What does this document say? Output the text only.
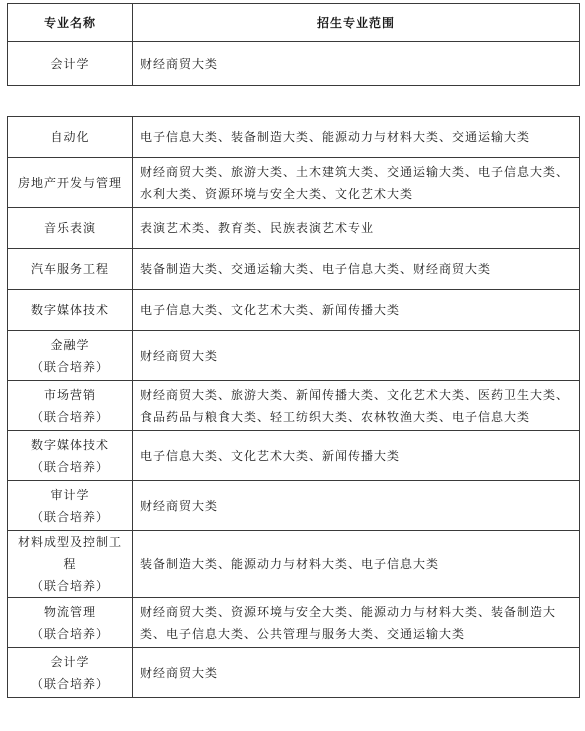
专业名称	招生专业范围
会计学	财经商贸大类
自动化	电子信息大类、装备制造大类、能源动力与材料大类、交通运输大类
房地产开发与管理	财经商贸大类、旅游大类、土木建筑大类、交通运输大类、电子信息大类、水利大类、资源环境与安全大类、文化艺术大类
音乐表演	表演艺术类、教育类、民族表演艺术专业
汽车服务工程	装备制造大类、交通运输大类、电子信息大类、财经商贸大类
数字媒体技术	电子信息大类、文化艺术大类、新闻传播大类
金融学
（联合培养）	财经商贸大类
市场营销
（联合培养）	财经商贸大类、旅游大类、新闻传播大类、文化艺术大类、医药卫生大类、食品药品与粮食大类、轻工纺织大类、农林牧渔大类、电子信息大类
数字媒体技术
（联合培养）	电子信息大类、文化艺术大类、新闻传播大类
审计学
（联合培养）	财经商贸大类
材料成型及控制工程
（联合培养）	装备制造大类、能源动力与材料大类、电子信息大类
物流管理
（联合培养）	财经商贸大类、资源环境与安全大类、能源动力与材料大类、装备制造大类、电子信息大类、公共管理与服务大类、交通运输大类
会计学
（联合培养）	财经商贸大类
